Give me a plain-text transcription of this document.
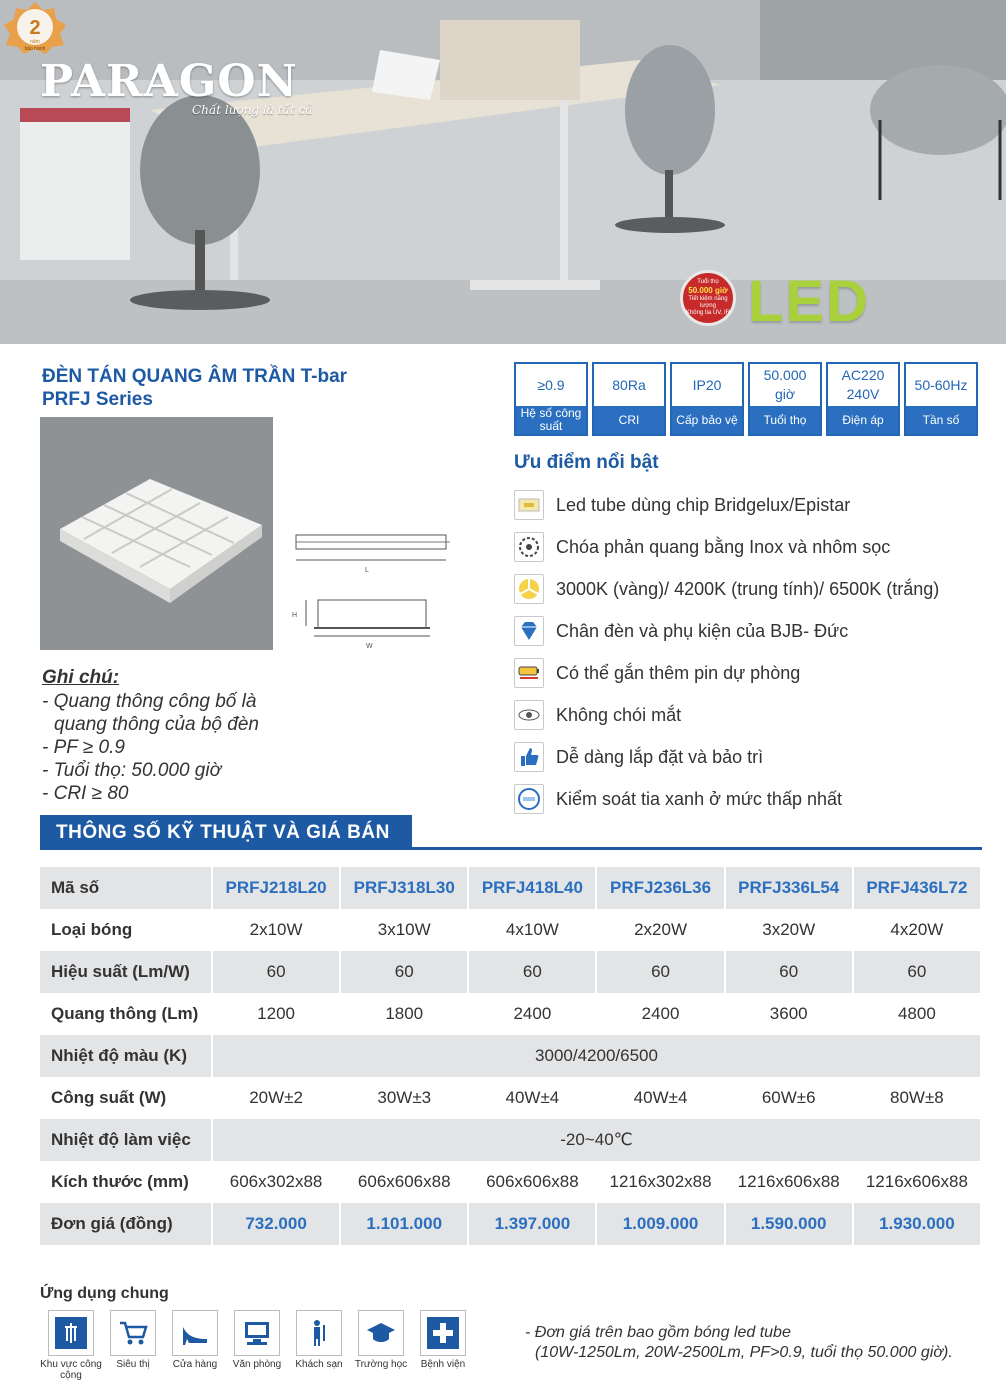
PARAGON
Chất lượng là tất cả
Tuổi thọ
50.000 giờ
Tiết kiệm năng lượng
Không tia UV, IR LED
2
năm
bảo hành
ĐÈN TÁN QUANG ÂM TRẦN T-bar
PRFJ Series
L
H
W
Ghi chú:
- Quang thông công bố là
quang thông của bộ đèn
- PF ≥ 0.9
- Tuổi thọ: 50.000 giờ
- CRI ≥ 80
≥0.9
Hệ số công suất
80Ra
CRI
IP20
Cấp bảo vệ
50.000 giờ
Tuổi thọ
AC220 240V
Điện áp
50-60Hz
Tần số
Ưu điểm nổi bật
Led tube dùng chip Bridgelux/Epistar
Chóa phản quang bằng Inox và nhôm sọc
3000K (vàng)/ 4200K (trung tính)/ 6500K (trắng)
Chân đèn và phụ kiện của BJB- Đức
Có thể gắn thêm pin dự phòng
Không chói mắt
Dễ dàng lắp đặt và bảo trì
Kiểm soát tia xanh ở mức thấp nhất
THÔNG SỐ KỸ THUẬT VÀ GIÁ BÁN
Mã số	PRFJ218L20	PRFJ318L30	PRFJ418L40	PRFJ236L36	PRFJ336L54	PRFJ436L72
Loại bóng	2x10W	3x10W	4x10W	2x20W	3x20W	4x20W
Hiệu suất (Lm/W)	60	60	60	60	60	60
Quang thông (Lm)	1200	1800	2400	2400	3600	4800
Nhiệt độ màu (K)	3000/4200/6500					
Công suất (W)	20W±2	30W±3	40W±4	40W±4	60W±6	80W±8
Nhiệt độ làm việc	-20~40℃					
Kích thước (mm)	606x302x88	606x606x88	606x606x88	1216x302x88	1216x606x88	1216x606x88
Đơn giá (đồng)	732.000	1.101.000	1.397.000	1.009.000	1.590.000	1.930.000
Ứng dụng chung
Khu vực công cộng
Siêu thị Cửa hàng Văn phòng Khách sạn Trường học Bệnh viện
- Đơn giá trên bao gồm bóng led tube
(10W-1250Lm, 20W-2500Lm, PF>0.9, tuổi thọ 50.000 giờ).
